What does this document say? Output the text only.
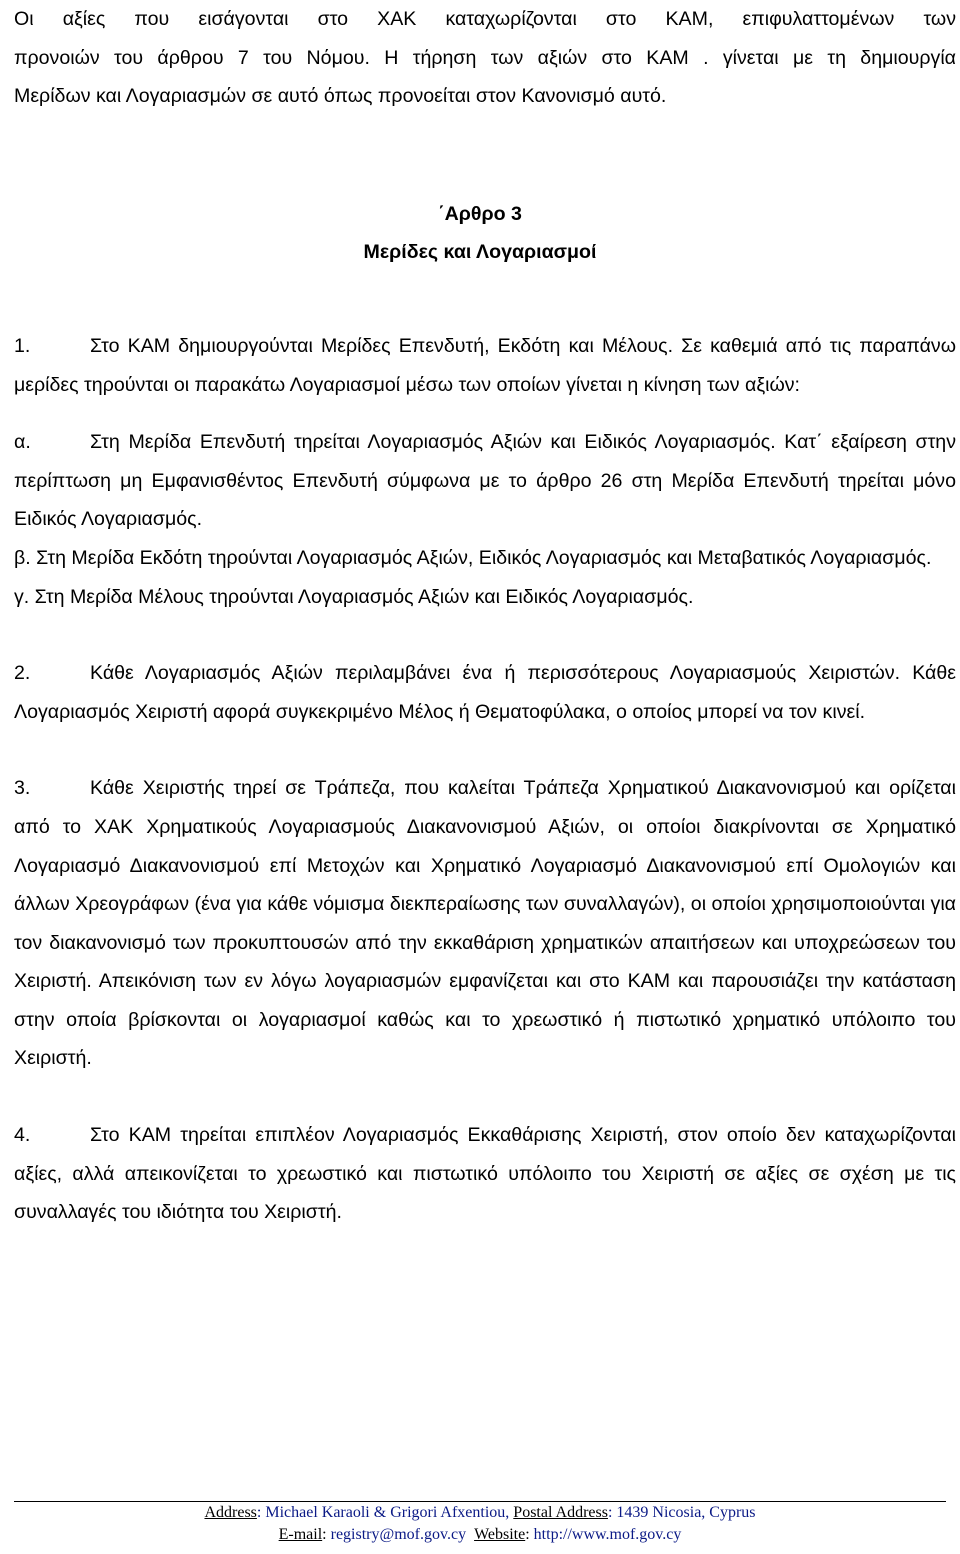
Οι αξίες που εισάγονται στο ΧΑΚ καταχωρίζονται στο ΚΑΜ, επιφυλαττομένων των

προνοιών του άρθρου 7 του Νόμου. Η τήρηση των αξιών στο ΚΑΜ . γίνεται με τη δημιουργία

Μερίδων και Λογαριασμών σε αυτό όπως προνοείται στον Κανονισμό αυτό.

΄Αρθρο 3

Μερίδες και Λογαριασμοί

1.	Στο ΚΑΜ δημιουργούνται Μερίδες Επενδυτή, Εκδότη και Μέλους. Σε καθεμιά από τις παραπάνω μερίδες τηρούνται οι παρακάτω Λογαριασμοί μέσω των οποίων γίνεται η κίνηση των αξιών:

α.	Στη Μερίδα Επενδυτή τηρείται Λογαριασμός Αξιών και Ειδικός Λογαριασμός. Κατ΄ εξαίρεση στην περίπτωση μη Εμφανισθέντος Επενδυτή σύμφωνα με το άρθρο 26 στη Μερίδα Επενδυτή τηρείται μόνο Ειδικός Λογαριασμός.

β. Στη Μερίδα Εκδότη τηρούνται Λογαριασμός Αξιών, Ειδικός Λογαριασμός και Μεταβατικός Λογαριασμός.

γ. Στη Μερίδα Μέλους τηρούνται Λογαριασμός Αξιών και Ειδικός Λογαριασμός.

2.	Κάθε Λογαριασμός Αξιών περιλαμβάνει ένα ή περισσότερους Λογαριασμούς Χειριστών. Κάθε Λογαριασμός Χειριστή αφορά συγκεκριμένο Μέλος ή Θεματοφύλακα, ο οποίος μπορεί να τον κινεί.

3.	Κάθε Χειριστής τηρεί σε Τράπεζα, που καλείται Τράπεζα Χρηματικού Διακανονισμού και ορίζεται από το ΧΑΚ Χρηματικούς Λογαριασμούς Διακανονισμού Αξιών, οι οποίοι διακρίνονται σε Χρηματικό Λογαριασμό Διακανονισμού επί Μετοχών και Χρηματικό Λογαριασμό Διακανονισμού επί Ομολογιών και άλλων Χρεογράφων (ένα για κάθε νόμισμα διεκπεραίωσης των συναλλαγών), οι οποίοι χρησιμοποιούνται για τον διακανονισμό των προκυπτουσών από την εκκαθάριση χρηματικών απαιτήσεων και υποχρεώσεων του Χειριστή. Απεικόνιση των εν λόγω λογαριασμών εμφανίζεται και στο ΚΑΜ και παρουσιάζει την κατάσταση στην οποία βρίσκονται οι λογαριασμοί καθώς και το χρεωστικό ή πιστωτικό χρηματικό υπόλοιπο του Χειριστή.

4.	Στο ΚΑΜ τηρείται επιπλέον Λογαριασμός Εκκαθάρισης Χειριστή, στον οποίο δεν καταχωρίζονται αξίες, αλλά απεικονίζεται το χρεωστικό και πιστωτικό υπόλοιπο του Χειριστή σε αξίες σε σχέση με τις συναλλαγές του ιδιότητα του Χειριστή.

Address: Michael Karaoli & Grigori Afxentiou, Postal Address: 1439 Nicosia, Cyprus
E-mail: registry@mof.gov.cy Website: http://www.mof.gov.cy
